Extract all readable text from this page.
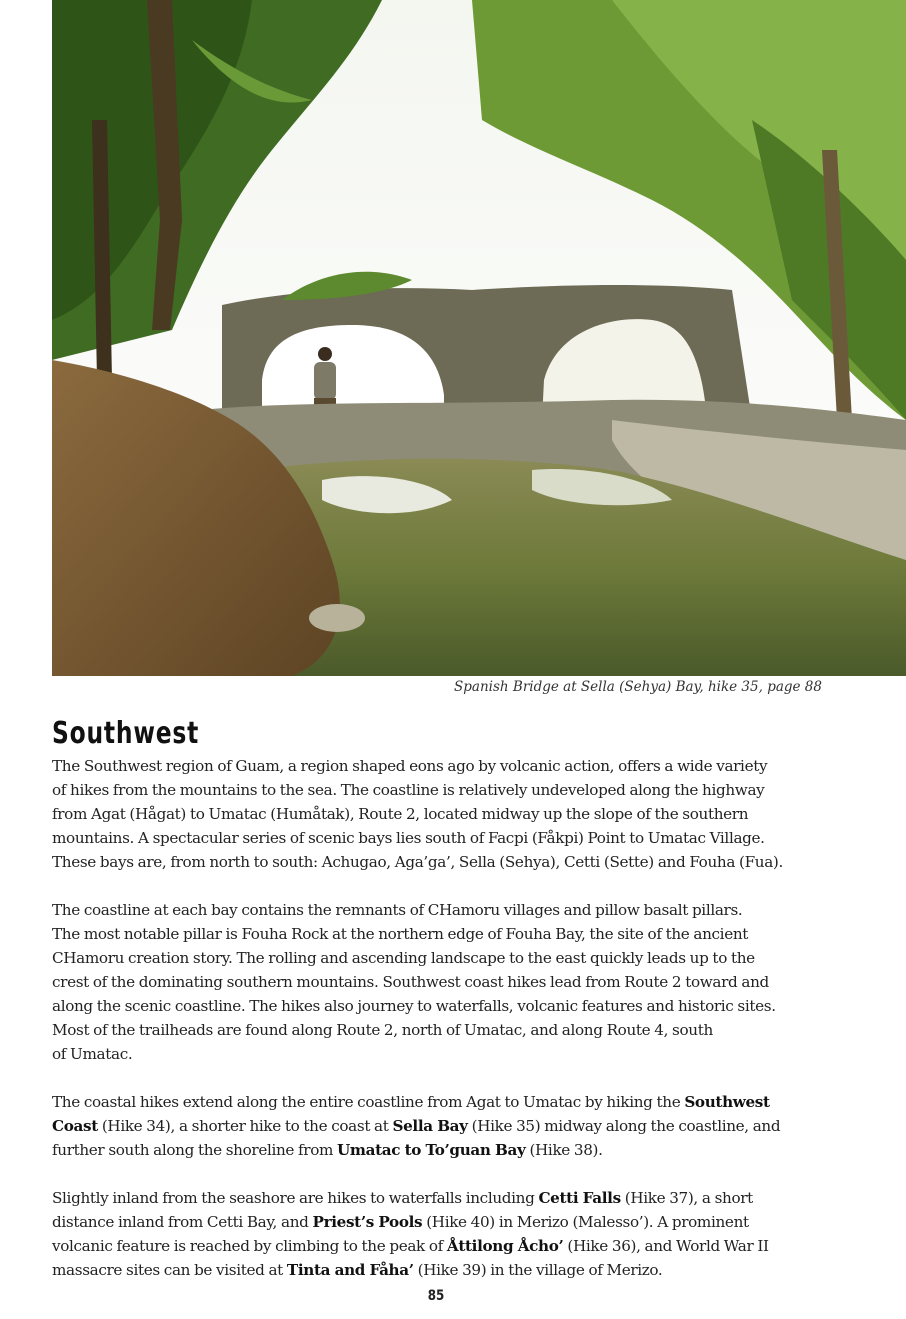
Spanish Bridge at Sella (Sehya) Bay, hike 35, page 88
Southwest

The Southwest region of Guam, a region shaped eons ago by volcanic action, offers a wide variety
of hikes from the mountains to the sea. The coastline is relatively undeveloped along the highway
from Agat (Hågat) to Umatac (Humåtak), Route 2, located midway up the slope of the southern
mountains. A spectacular series of scenic bays lies south of Facpi (Fåkpi) Point to Umatac Village.
These bays are, from north to south: Achugao, Aga’ga’, Sella (Sehya), Cetti (Sette) and Fouha (Fua).

The coastline at each bay contains the remnants of CHamoru villages and pillow basalt pillars.
The most notable pillar is Fouha Rock at the northern edge of Fouha Bay, the site of the ancient
CHamoru creation story. The rolling and ascending landscape to the east quickly leads up to the
crest of the dominating southern mountains. Southwest coast hikes lead from Route 2 toward and
along the scenic coastline. The hikes also journey to waterfalls, volcanic features and historic sites.
Most of the trailheads are found along Route 2, north of Umatac, and along Route 4, south
of Umatac.

The coastal hikes extend along the entire coastline from Agat to Umatac by hiking the Southwest
Coast (Hike 34), a shorter hike to the coast at Sella Bay (Hike 35) midway along the coastline, and
further south along the shoreline from Umatac to To’guan Bay (Hike 38).

Slightly inland from the seashore are hikes to waterfalls including Cetti Falls (Hike 37), a short
distance inland from Cetti Bay, and Priest’s Pools (Hike 40) in Merizo (Malesso’). A prominent
volcanic feature is reached by climbing to the peak of Åttilong Åcho’ (Hike 36), and World War II
massacre sites can be visited at Tinta and Fåha’ (Hike 39) in the village of Merizo.

85
